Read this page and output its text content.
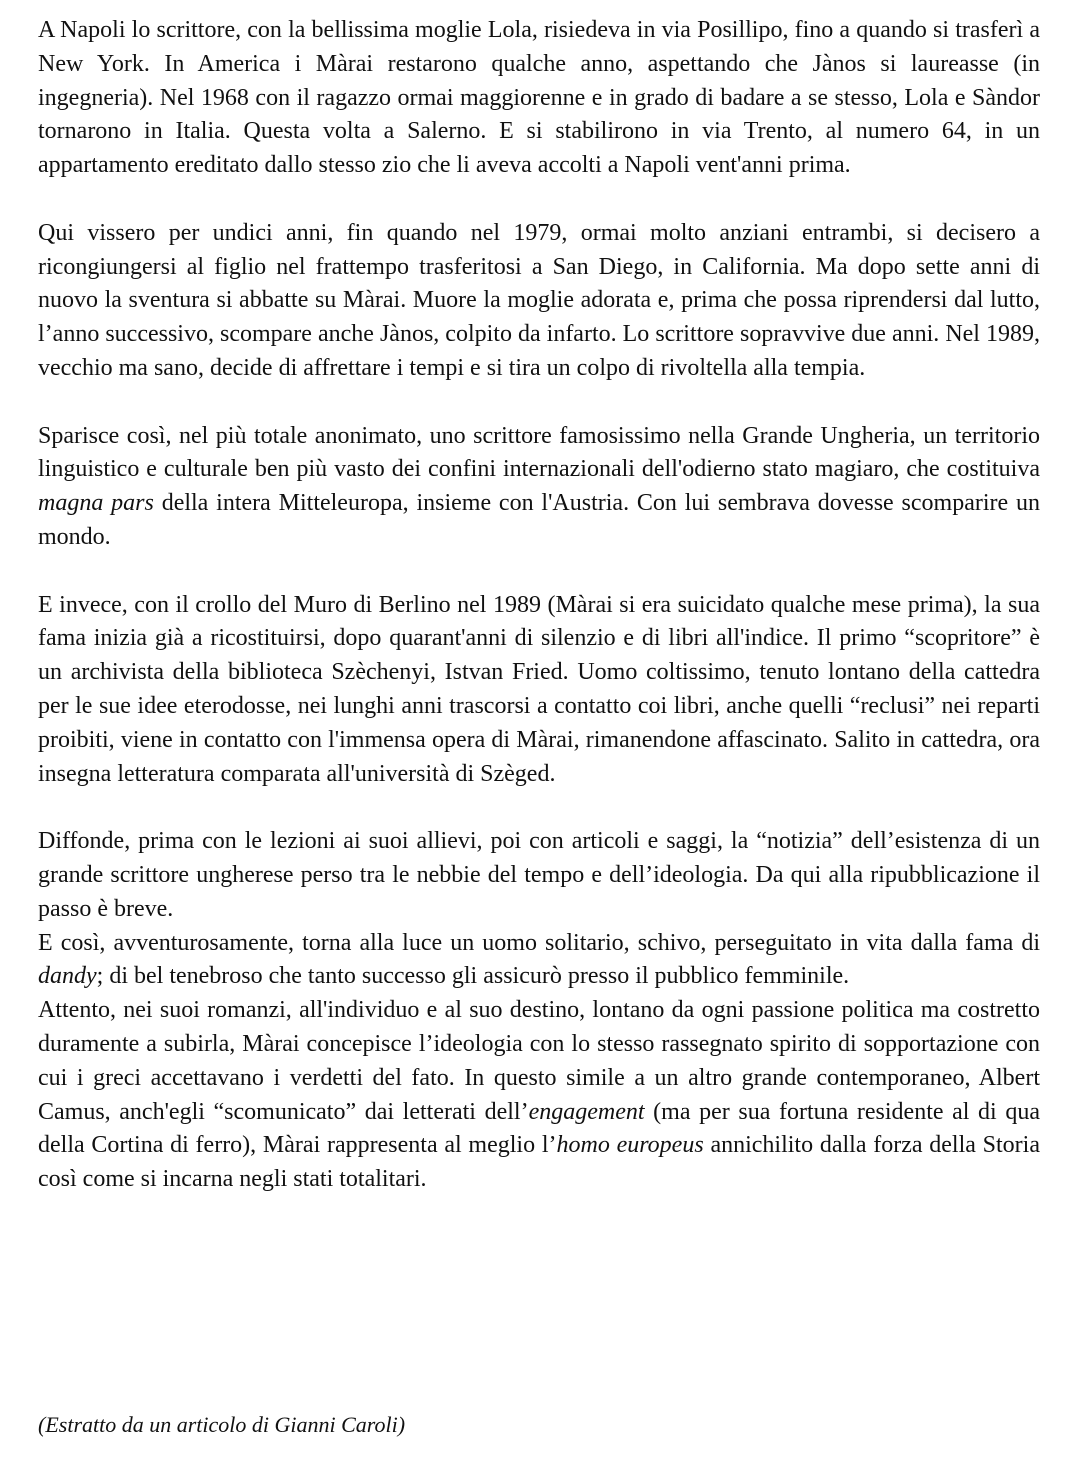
A Napoli lo scrittore, con la bellissima moglie Lola, risiedeva in via Posillipo, fino a quando si trasferì a New York. In America i Màrai restarono qualche anno, aspettando che Jànos si laureasse (in ingegneria). Nel 1968 con il ragazzo ormai maggiorenne e in grado di badare a se stesso, Lola e Sàndor tornarono in Italia. Questa volta a Salerno. E si stabilirono in via Trento, al numero 64, in un appartamento ereditato dallo stesso zio che li aveva accolti a Napoli vent'anni prima.

Qui vissero per undici anni, fin quando nel 1979, ormai molto anziani entrambi, si decisero a ricongiungersi al figlio nel frattempo trasferitosi a San Diego, in California. Ma dopo sette anni di nuovo la sventura si abbatte su Màrai. Muore la moglie adorata e, prima che possa riprendersi dal lutto, l’anno successivo, scompare anche Jànos, colpito da infarto. Lo scrittore sopravvive due anni. Nel 1989, vecchio ma sano, decide di affrettare i tempi e si tira un colpo di rivoltella alla tempia.

Sparisce così, nel più totale anonimato, uno scrittore famosissimo nella Grande Ungheria, un territorio linguistico e culturale ben più vasto dei confini internazionali dell'odierno stato magiaro, che costituiva magna pars della intera Mitteleuropa, insieme con l'Austria. Con lui sembrava dovesse scomparire un mondo.

E invece, con il crollo del Muro di Berlino nel 1989 (Màrai si era suicidato qualche mese prima), la sua fama inizia già a ricostituirsi, dopo quarant'anni di silenzio e di libri all'indice. Il primo “scopritore” è un archivista della biblioteca Szèchenyi, Istvan Fried. Uomo coltissimo, tenuto lontano della cattedra per le sue idee eterodosse, nei lunghi anni trascorsi a contatto coi libri, anche quelli “reclusi” nei reparti proibiti, viene in contatto con l'immensa opera di Màrai, rimanendone affascinato. Salito in cattedra, ora insegna letteratura comparata all'università di Szèged.

Diffonde, prima con le lezioni ai suoi allievi, poi con articoli e saggi, la “notizia” dell’esistenza di un grande scrittore ungherese perso tra le nebbie del tempo e dell’ideologia. Da qui alla ripubblicazione il passo è breve.

E così, avventurosamente, torna alla luce un uomo solitario, schivo, perseguitato in vita dalla fama di dandy; di bel tenebroso che tanto successo gli assicurò presso il pubblico femminile.

Attento, nei suoi romanzi, all'individuo e al suo destino, lontano da ogni passione politica ma costretto duramente a subirla, Màrai concepisce l’ideologia con lo stesso rassegnato spirito di sopportazione con cui i greci accettavano i verdetti del fato. In questo simile a un altro grande contemporaneo, Albert Camus, anch'egli “scomunicato” dai letterati dell’engagement (ma per sua fortuna residente al di qua della Cortina di ferro), Màrai rappresenta al meglio l’homo europeus annichilito dalla forza della Storia così come si incarna negli stati totalitari.

(Estratto da un articolo di Gianni Caroli)
